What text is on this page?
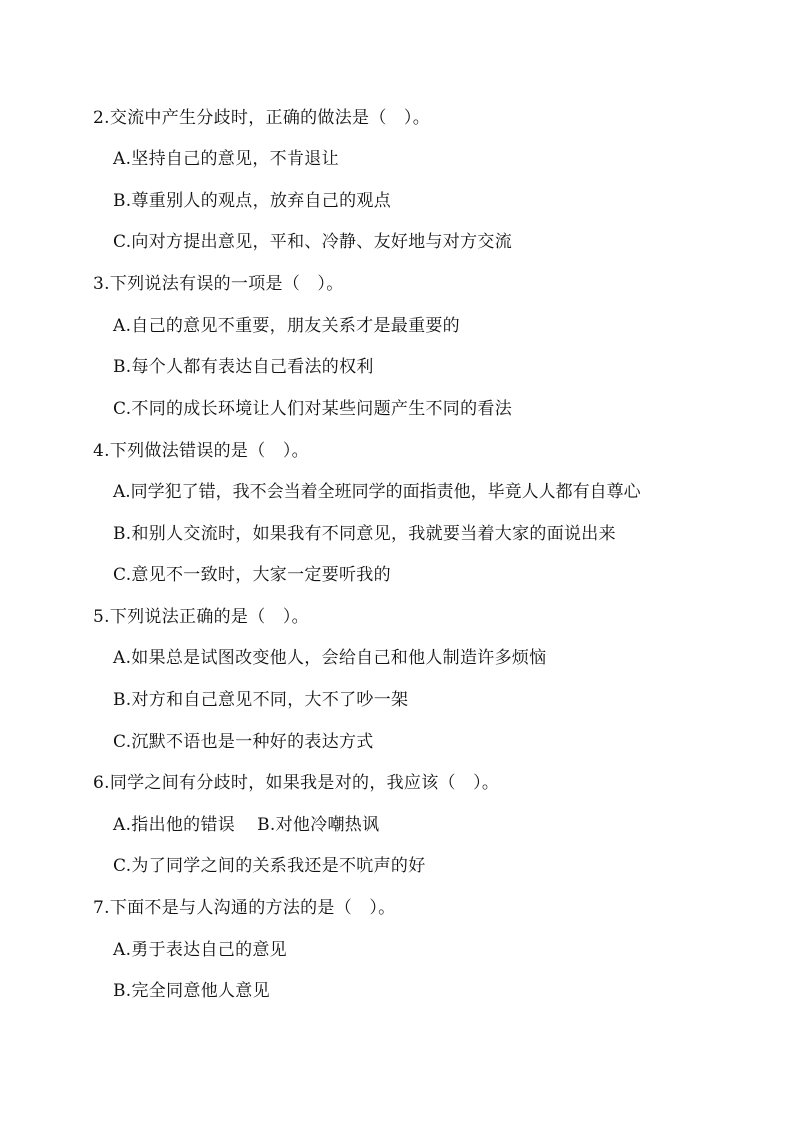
2.交流中产生分歧时，正确的做法是（　）。
A.坚持自己的意见，不肯退让
B.尊重别人的观点，放弃自己的观点
C.向对方提出意见，平和、冷静、友好地与对方交流
3.下列说法有误的一项是（　）。
A.自己的意见不重要，朋友关系才是最重要的
B.每个人都有表达自己看法的权利
C.不同的成长环境让人们对某些问题产生不同的看法
4.下列做法错误的是（　）。
A.同学犯了错，我不会当着全班同学的面指责他，毕竟人人都有自尊心
B.和别人交流时，如果我有不同意见，我就要当着大家的面说出来
C.意见不一致时，大家一定要听我的
5.下列说法正确的是（　）。
A.如果总是试图改变他人，会给自己和他人制造许多烦恼
B.对方和自己意见不同，大不了吵一架
C.沉默不语也是一种好的表达方式
6.同学之间有分歧时，如果我是对的，我应该（　）。
A.指出他的错误 B.对他冷嘲热讽
C.为了同学之间的关系我还是不吭声的好
7.下面不是与人沟通的方法的是（　）。
A.勇于表达自己的意见
B.完全同意他人意见
